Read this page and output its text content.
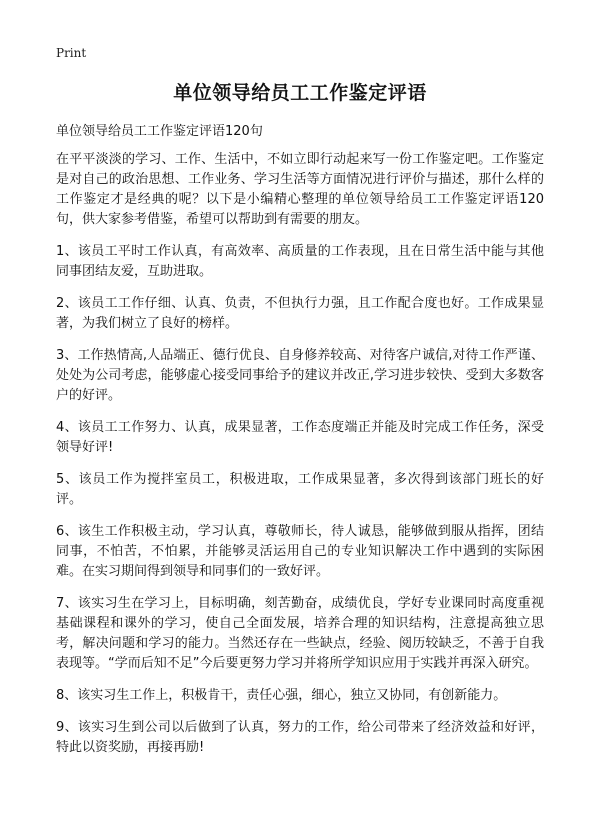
Print
单位领导给员工工作鉴定评语

单位领导给员工工作鉴定评语120句

在平平淡淡的学习、工作、生活中，不如立即行动起来写一份工作鉴定吧。工作鉴定是对自己的政治思想、工作业务、学习生活等方面情况进行评价与描述，那什么样的工作鉴定才是经典的呢？以下是小编精心整理的单位领导给员工工作鉴定评语120句，供大家参考借鉴，希望可以帮助到有需要的朋友。

1、该员工平时工作认真，有高效率、高质量的工作表现，且在日常生活中能与其他同事团结友爱，互助进取。

2、该员工工作仔细、认真、负责，不但执行力强，且工作配合度也好。工作成果显著，为我们树立了良好的榜样。

3、工作热情高,人品端正、德行优良、自身修养较高、对待客户诚信,对待工作严谨、处处为公司考虑，能够虚心接受同事给予的建议并改正,学习进步较快、受到大多数客户的好评。

4、该员工工作努力、认真，成果显著，工作态度端正并能及时完成工作任务，深受领导好评!

5、该员工作为搅拌室员工，积极进取，工作成果显著，多次得到该部门班长的好评。

6、该生工作积极主动，学习认真，尊敬师长，待人诚恳，能够做到服从指挥，团结同事，不怕苦，不怕累，并能够灵活运用自己的专业知识解决工作中遇到的实际困难。在实习期间得到领导和同事们的一致好评。

7、该实习生在学习上，目标明确，刻苦勤奋，成绩优良，学好专业课同时高度重视基础课程和课外的学习，使自己全面发展，培养合理的知识结构，注意提高独立思考，解决问题和学习的能力。当然还存在一些缺点，经验、阅历较缺乏，不善于自我表现等。“学而后知不足”今后要更努力学习并将所学知识应用于实践并再深入研究。

8、该实习生工作上，积极肯干，责任心强，细心，独立又协同，有创新能力。

9、该实习生到公司以后做到了认真，努力的工作，给公司带来了经济效益和好评，特此以资奖励，再接再励!
